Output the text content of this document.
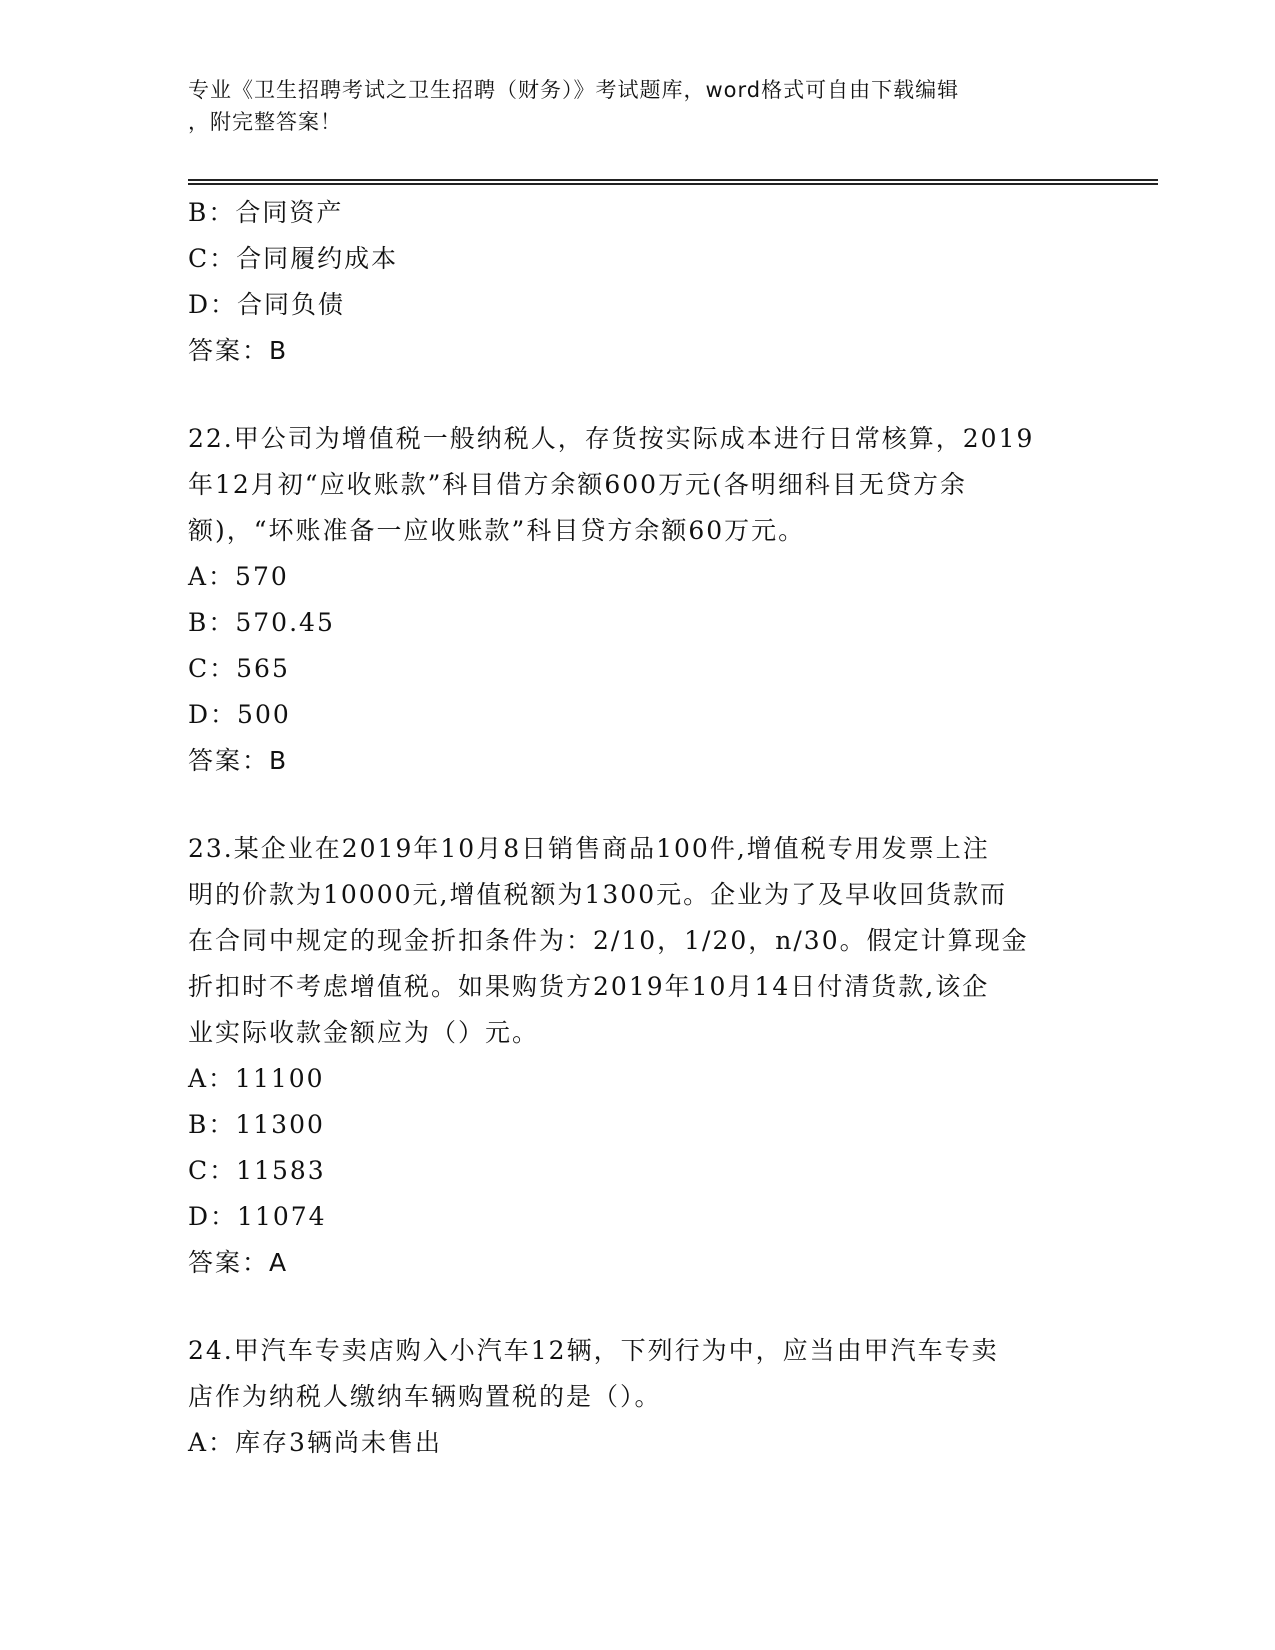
专业《卫生招聘考试之卫生招聘（财务）》考试题库，word格式可自由下载编辑
，附完整答案！
B：合同资产
C：合同履约成本
D：合同负债
答案：B
22.甲公司为增值税一般纳税人，存货按实际成本进行日常核算，2019
年12月初“应收账款”科目借方余额600万元(各明细科目无贷方余
额)，“坏账准备一应收账款”科目贷方余额60万元。
A：570
B：570.45
C：565
D：500
答案：B
23.某企业在2019年10月8日销售商品100件,增值税专用发票上注
明的价款为10000元,增值税额为1300元。企业为了及早收回货款而
在合同中规定的现金折扣条件为：2/10，1/20，n/30。假定计算现金
折扣时不考虑增值税。如果购货方2019年10月14日付清货款,该企
业实际收款金额应为（）元。
A：11100
B：11300
C：11583
D：11074
答案：A
24.甲汽车专卖店购入小汽车12辆，下列行为中，应当由甲汽车专卖
店作为纳税人缴纳车辆购置税的是（）。
A：库存3辆尚未售出
